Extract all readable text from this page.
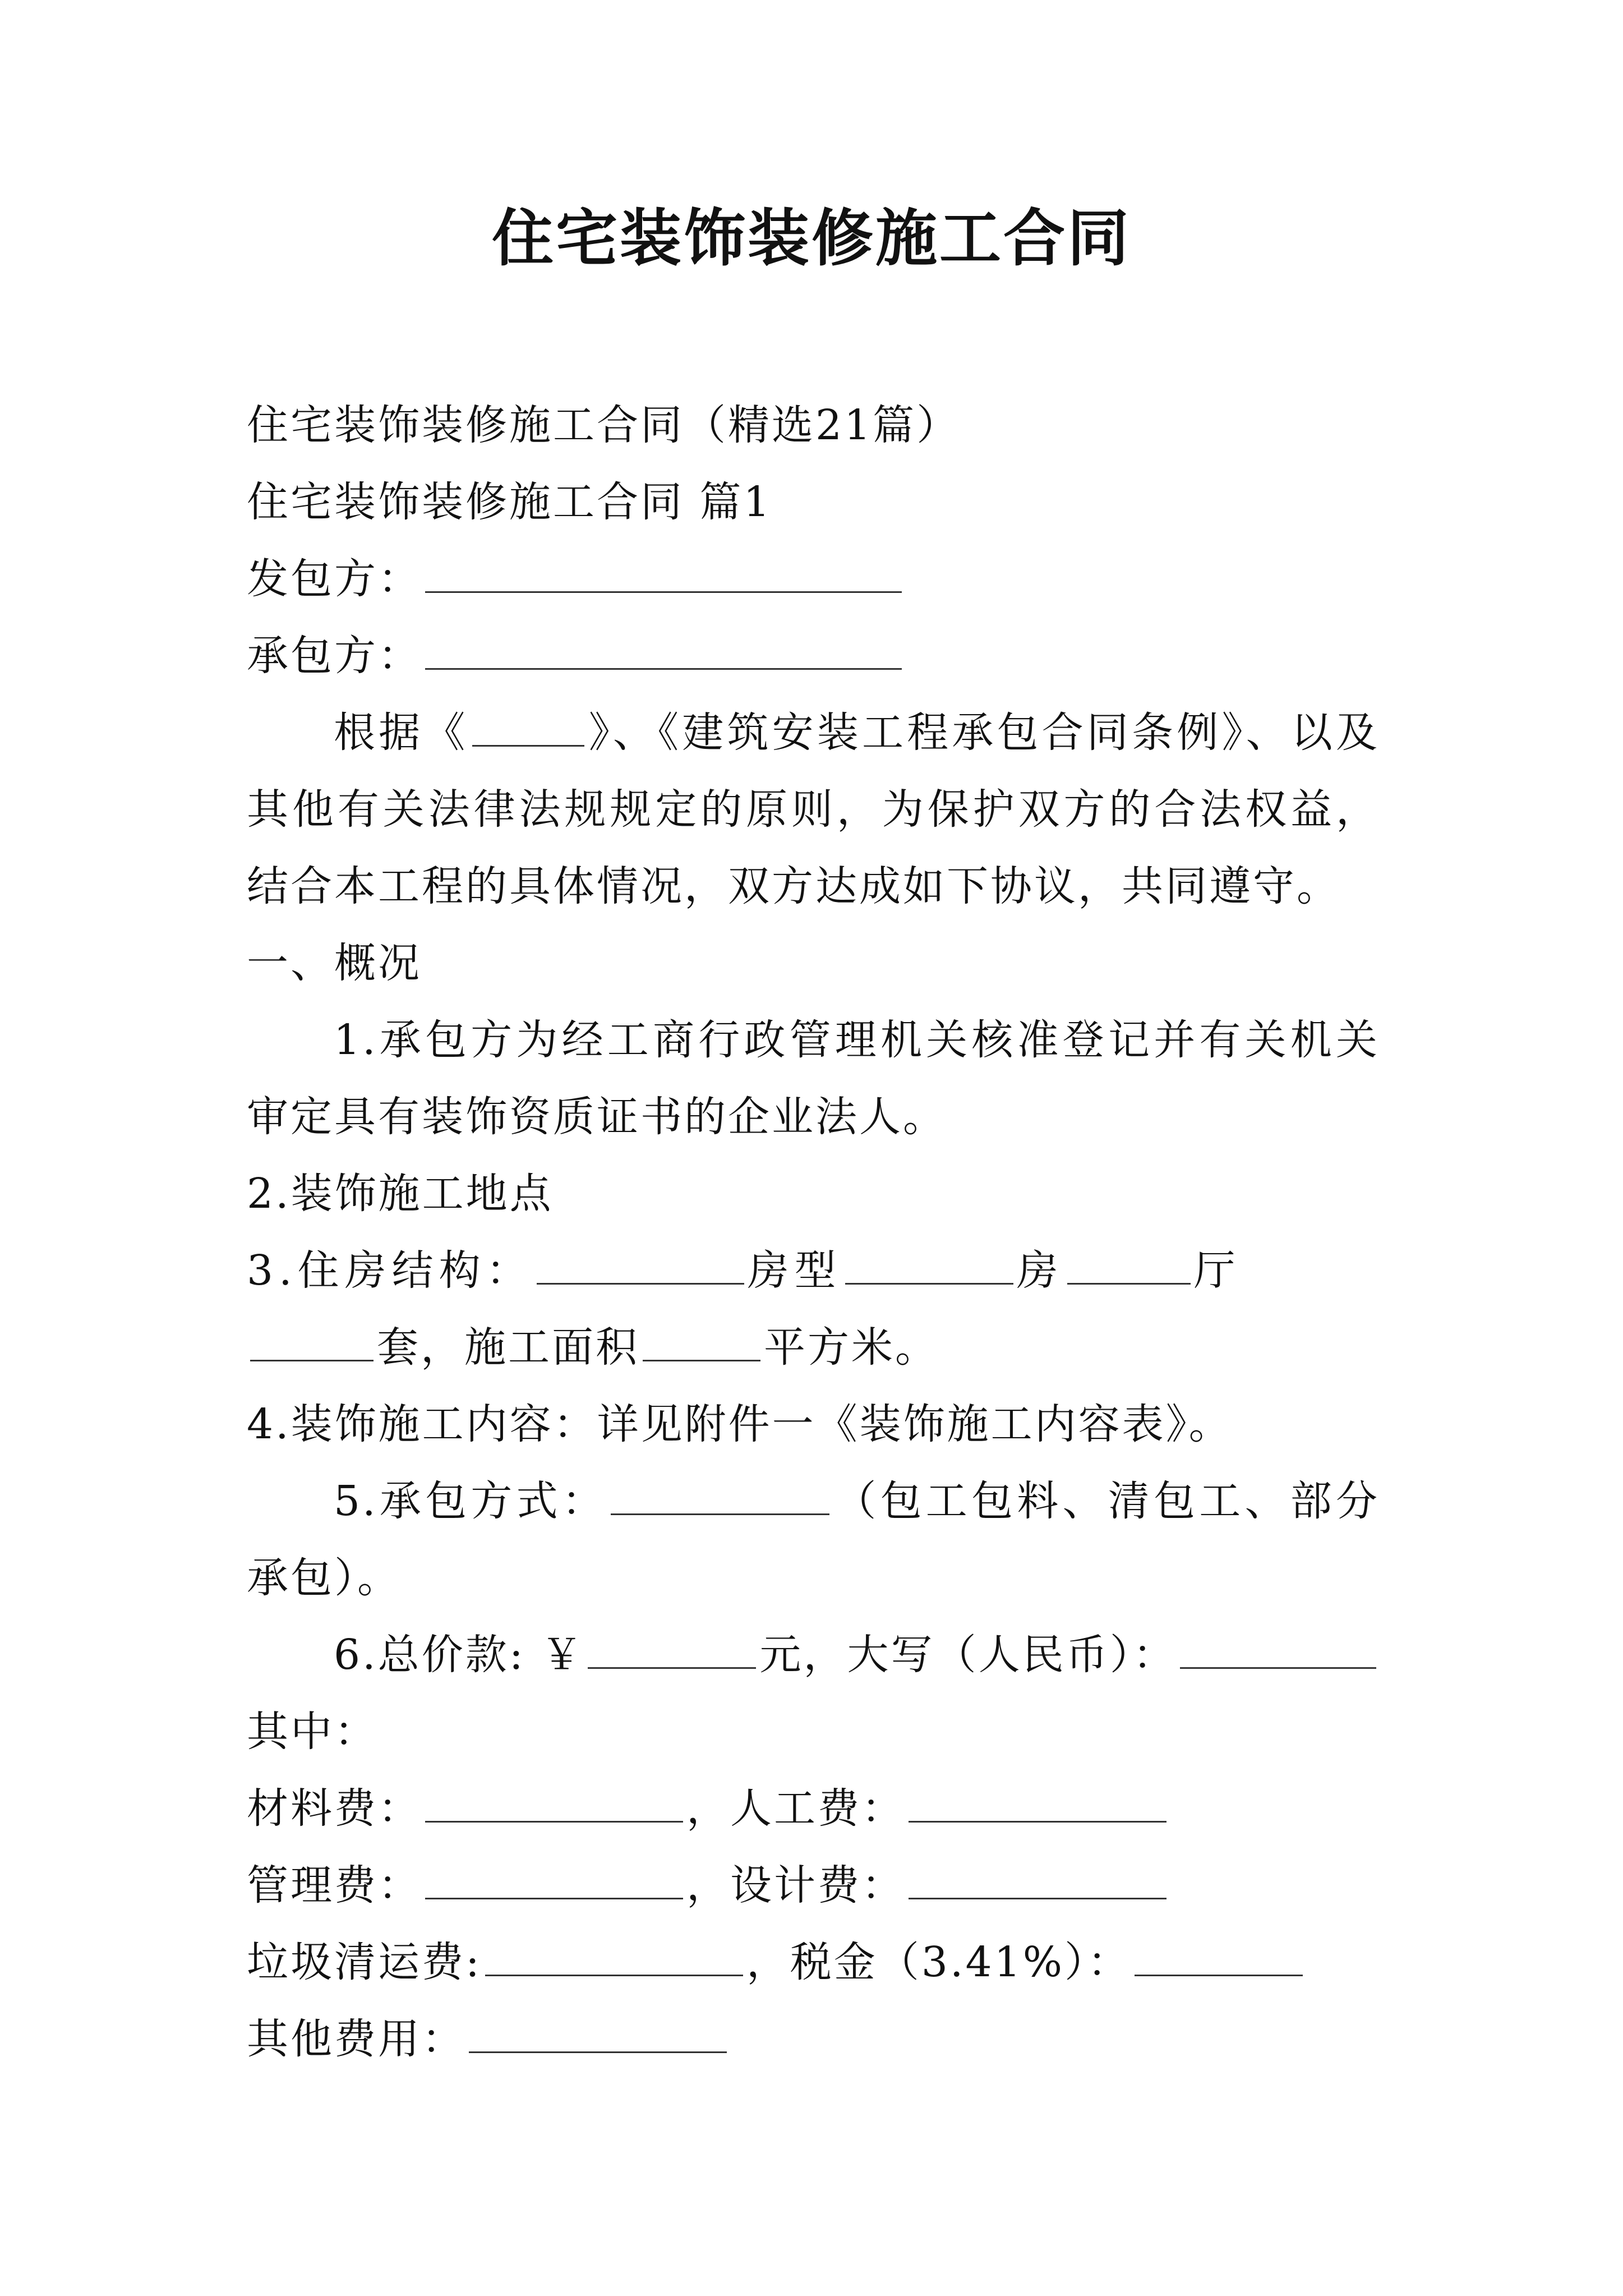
住宅装饰装修施工合同

住宅装饰装修施工合同（精选21篇）

住宅装饰装修施工合同 篇1

发包方：

承包方：

根据《	》、《建筑安装工程承包合同条例》、以及其他有关法律法规规定的原则，为保护双方的合法权益，结合本工程的具体情况，双方达成如下协议，共同遵守。

一、概况

1.承包方为经工商行政管理机关核准登记并有关机关审定具有装饰资质证书的企业法人。

2.装饰施工地点

3.住房结构：	房型	房	厅

套，施工面积	平方米。

4.装饰施工内容：详见附件一《装饰施工内容表》。

5.承包方式：	（包工包料、清包工、部分承包）。

6.总价款: ￥	元，大写（人民币）：其中：

材料费：	，人工费：

管理费：	，设计费：

垃圾清运费:	，税金（3.41%）：

其他费用：
